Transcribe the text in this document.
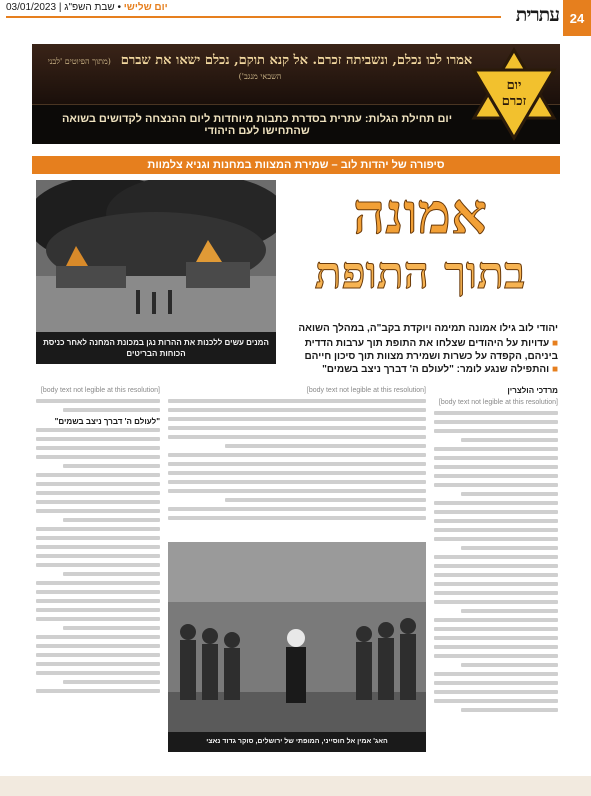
24
עתרית
יום שלישי • שבת השפ"ג | 03/01/2023
אמרו לכו נכלם, ונשביתה זכרם. אל קנא תוקם, נכלם ישאו את שברם (מתוך הפיוטים 'לבני השבאי מנגב')
יום תחילת הגלות: עתרית בסדרת כתבות מיוחדות ליום ההנצחה לקדושים בשואה שהתחישו לעם היהודי
יום
זכרם
סיפורה של יהדות לוב – שמירת המצוות במחנות וגניא צלמוות
המנים עשים ללכנות את ההרות נגן במכונת המחנה לאחר כניסת הכוחות הבריטים
אמונה
בתוך התופת
יהודי לוב גילו אמונה תמימה ויוקדת בקב"ה, במהלך השואה
■ עדויות על היהודים שצלחו את התופת תוך ערבות הדדית ביניהם, הקפדה על כשרות ושמירת מצוות תוך סיכון חייהם
■ והתפילה שנגע לומר: "לעולם ה' דברך ניצב בשמים"
מרדכי הולצרין
[body text not legible at this resolution]
[body text not legible at this resolution]
[body text not legible at this resolution]
"לעולם ה' דברך ניצב בשמים"
האג' אמין אל חוסייני, המופתי של ירושלים, סוקר גדוד נאצי
